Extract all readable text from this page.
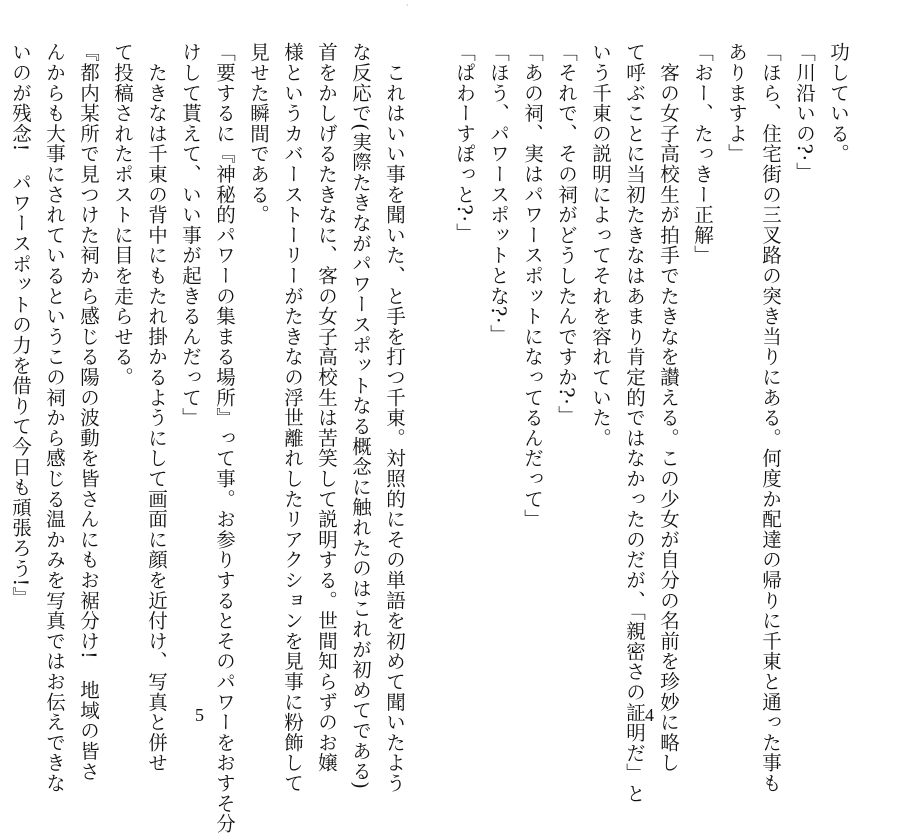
·
功している。
「川沿いの?·」
「ほら、住宅街の三叉路の突き当りにある。何度か配達の帰りに千東と通った事も
ありますよ」
「おー、たっきー正解」
　客の女子高校生が拍手でたきなを讃える。この少女が自分の名前を珍妙に略し
て呼ぶことに当初たきなはあまり肯定的ではなかったのだが、「親密さの証明だ」と
いう千東の説明によってそれを容れていた。
「それで、その祠がどうしたんですか?·」
「あの祠、実はパワースポットになってるんだって」
「ほう、パワースポットとな?·」
「ぱわーすぽっと?·」
4
　これはいい事を聞いた、と手を打つ千東。対照的にその単語を初めて聞いたよう
な反応で(実際たきながパワースポットなる概念に触れたのはこれが初めてである)
首をかしげるたきなに、客の女子高校生は苦笑して説明する。世間知らずのお嬢
様というカバーストーリーがたきなの浮世離れしたリアクションを見事に粉飾して
見せた瞬間である。
「要するに『神秘的パワーの集まる場所』って事。お参りするとそのパワーをおすそ分
けして貰えて、いい事が起きるんだって」
　たきなは千東の背中にもたれ掛かるようにして画面に顔を近付け、写真と併せ
て投稿されたポストに目を走らせる。
『都内某所で見つけた祠から感じる陽の波動を皆さんにもお裾分け!　地域の皆さ
んからも大事にされているというこの祠から感じる温かみを写真ではお伝えできな
いのが残念!　パワースポットの力を借りて今日も頑張ろう!』
5
